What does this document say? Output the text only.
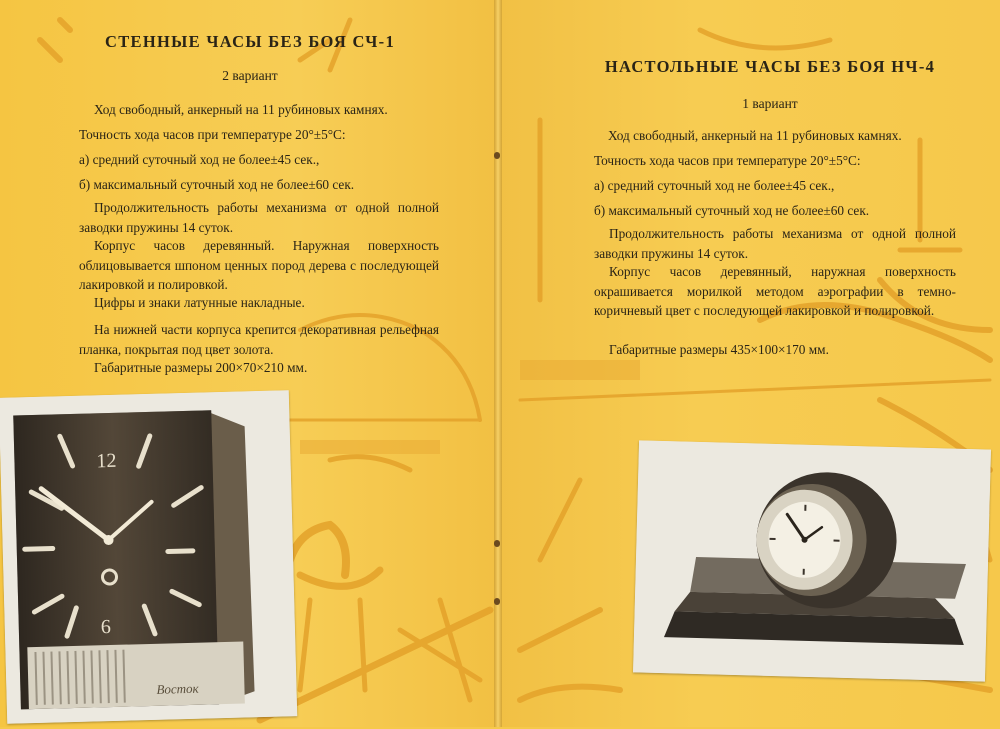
СТЕННЫЕ ЧАСЫ БЕЗ БОЯ СЧ-1
2 вариант
Ход свободный, анкерный на 11 рубиновых камнях.
Точность хода часов при температуре 20°±5°С:
а) средний суточный ход не более±45 сек.,
б) максимальный суточный ход не более±60 сек.

Продолжительность работы механизма от одной полной заводки пружины 14 суток.

Корпус часов деревянный. Наружная поверхность облицовывается шпоном ценных пород дерева с последующей лакировкой и полировкой.

Цифры и знаки латунные накладные.

На нижней части корпуса крепится декоративная рельефная планка, покрытая под цвет золота.

Габаритные размеры 200×70×210 мм.

12
6
Восток
НАСТОЛЬНЫЕ ЧАСЫ БЕЗ БОЯ НЧ-4
1 вариант
Ход свободный, анкерный на 11 рубиновых камнях.
Точность хода часов при температуре 20°±5°С:
а) средний суточный ход не более±45 сек.,
б) максимальный суточный ход не более±60 сек.

Продолжительность работы механизма от одной полной заводки пружины 14 суток.

Корпус часов деревянный, наружная поверхность окрашивается морилкой методом аэрографии в темно-коричневый цвет с последующей лакировкой и полировкой.

Габаритные размеры 435×100×170 мм.
